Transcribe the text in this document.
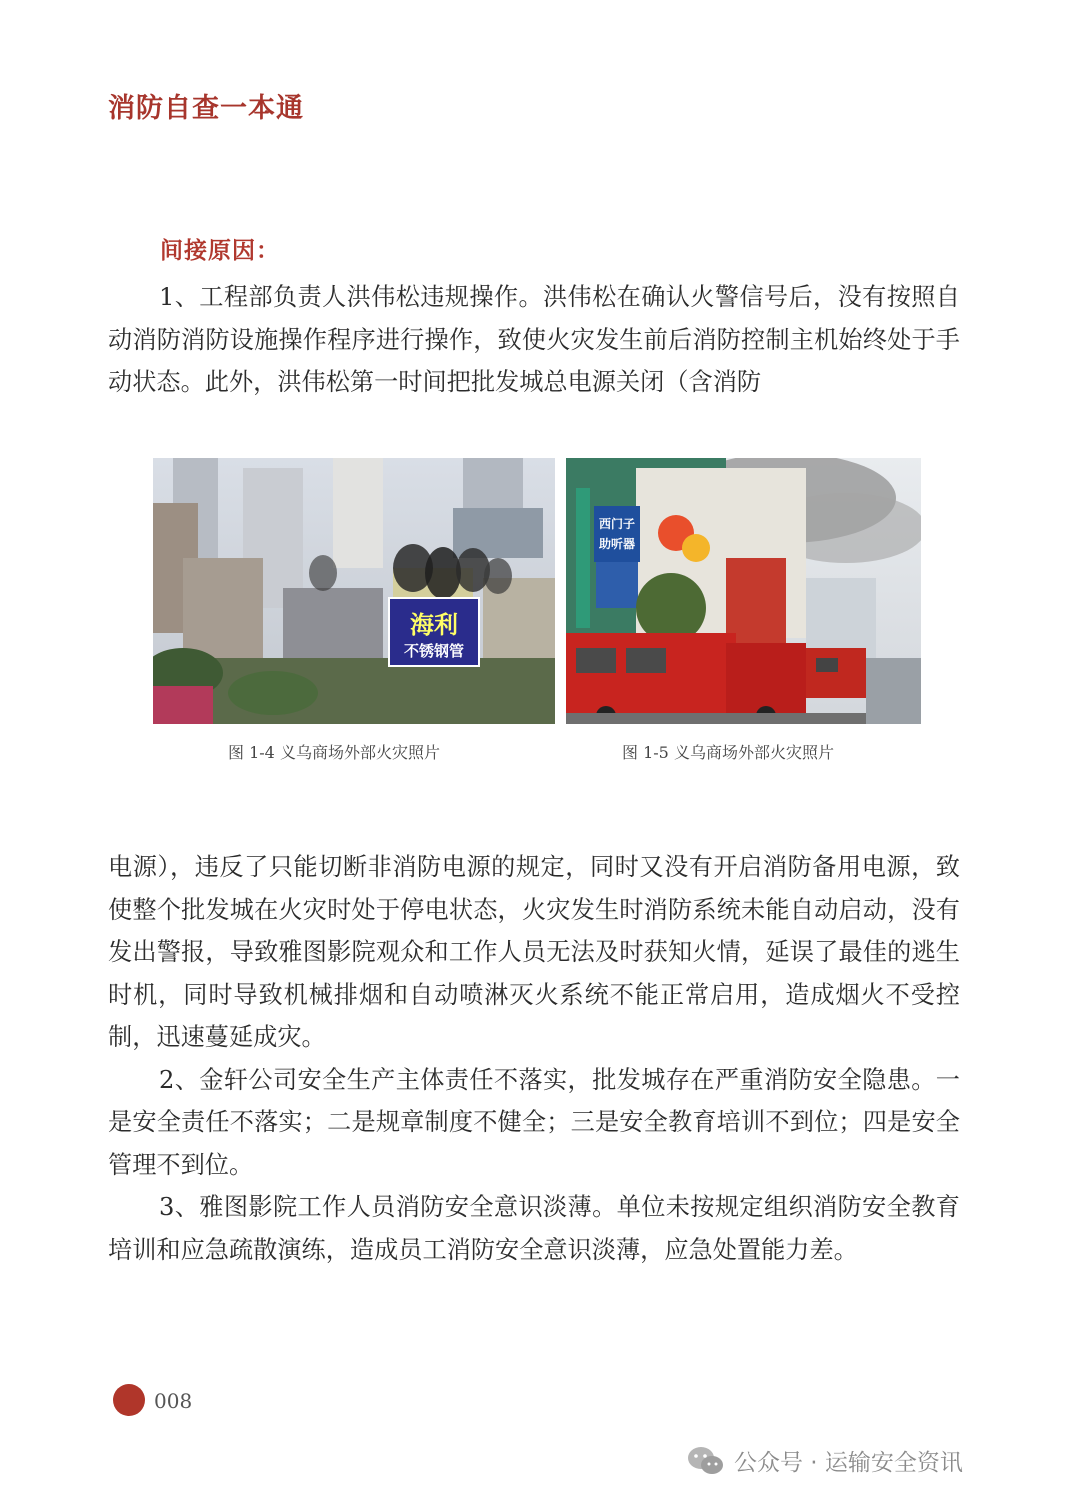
消防自查一本通
间接原因：

1、工程部负责人洪伟松违规操作。洪伟松在确认火警信号后，没有按照自动消防消防设施操作程序进行操作，致使火灾发生前后消防控制主机始终处于手动状态。此外，洪伟松第一时间把批发城总电源关闭（含消防

海利
不锈钢管
西门子
助听器
图 1-4 义乌商场外部火灾照片	图 1-5 义乌商场外部火灾照片

电源），违反了只能切断非消防电源的规定，同时又没有开启消防备用电源，致使整个批发城在火灾时处于停电状态，火灾发生时消防系统未能自动启动，没有发出警报，导致雅图影院观众和工作人员无法及时获知火情，延误了最佳的逃生时机，同时导致机械排烟和自动喷淋灭火系统不能正常启用，造成烟火不受控制，迅速蔓延成灾。

2、金轩公司安全生产主体责任不落实，批发城存在严重消防安全隐患。一是安全责任不落实；二是规章制度不健全；三是安全教育培训不到位；四是安全管理不到位。

3、雅图影院工作人员消防安全意识淡薄。单位未按规定组织消防安全教育培训和应急疏散演练，造成员工消防安全意识淡薄，应急处置能力差。

008
公众号 · 运输安全资讯
